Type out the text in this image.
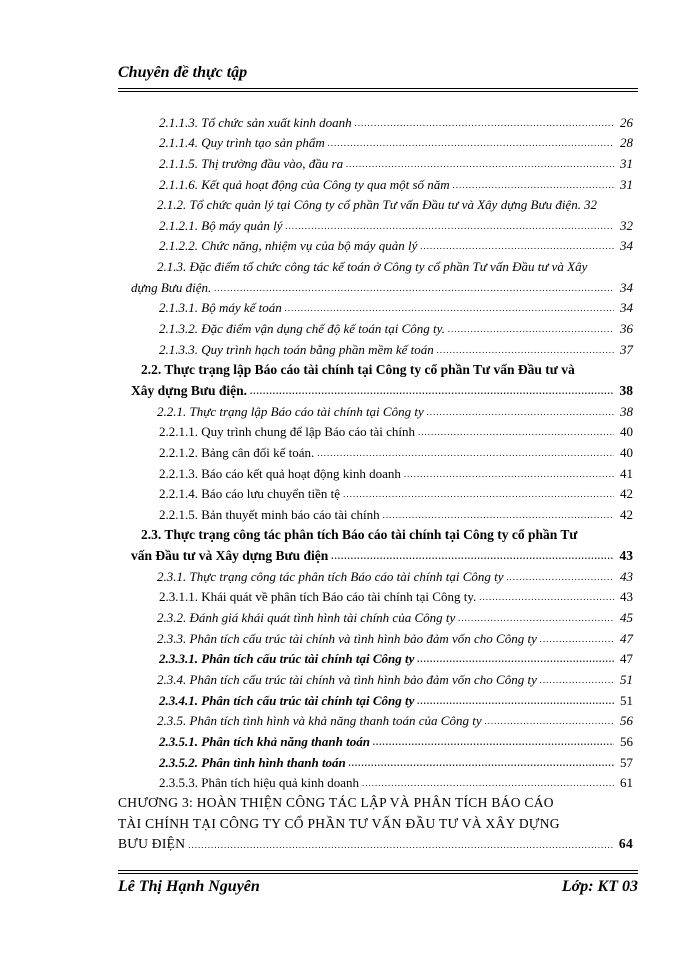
Chuyên đề thực tập
2.1.1.3. Tổ chức sản xuất kinh doanh .....	26
2.1.1.4. Quy trình tạo sản phẩm .....	28
2.1.1.5. Thị trường đầu vào, đầu ra .....	31
2.1.1.6. Kết quả hoạt động của Công ty qua một số năm .....	31
2.1.2. Tổ chức quản lý tại Công ty cổ phần Tư vấn Đầu tư và Xây dựng Bưu điện. 32
2.1.2.1. Bộ máy quản lý .....	32
2.1.2.2. Chức năng, nhiệm vụ của bộ máy quản lý .....	34
2.1.3. Đặc điểm tổ chức công tác kế toán ở Công ty cổ phần Tư vấn Đầu tư và Xây
dựng Bưu điện. .....	34
2.1.3.1. Bộ máy kế toán .....	34
2.1.3.2. Đặc điểm vận dụng chế độ kế toán tại Công ty. .....	36
2.1.3.3. Quy trình hạch toán bằng phần mềm kế toán .....	37
2.2. Thực trạng lập Báo cáo tài chính tại Công ty cổ phần Tư vấn Đầu tư và
Xây dựng Bưu điện. .....	38
2.2.1. Thực trạng lập Báo cáo tài chính tại Công ty .....	38
2.2.1.1. Quy trình chung để lập Báo cáo tài chính .....	40
2.2.1.2. Bảng cân đối kế toán. .....	40
2.2.1.3. Báo cáo kết quả hoạt động kinh doanh .....	41
2.2.1.4. Báo cáo lưu chuyển tiền tệ .....	42
2.2.1.5. Bản thuyết minh báo cáo tài chính .....	42
2.3. Thực trạng công tác phân tích Báo cáo tài chính tại Công ty cổ phần Tư
vấn Đầu tư và Xây dựng Bưu điện .....	43
2.3.1. Thực trạng công tác phân tích Báo cáo tài chính tại Công ty .....	43
2.3.1.1. Khái quát về phân tích Báo cáo tài chính tại Công ty. .....	43
2.3.2. Đánh giá khái quát tình hình tài chính của Công ty .....	45
2.3.3. Phân tích cấu trúc tài chính và tình hình bảo đảm vốn cho Công ty .....	47
2.3.3.1. Phân tích cấu trúc tài chính tại Công ty .....	47
2.3.4. Phân tích cấu trúc tài chính và tình hình bảo đảm vốn cho Công ty .....	51
2.3.4.1. Phân tích cấu trúc tài chính tại Công ty .....	51
2.3.5. Phân tích tình hình và khả năng thanh toán của Công ty .....	56
2.3.5.1. Phân tích khả năng thanh toán .....	56
2.3.5.2. Phân tình hình thanh toán .....	57
2.3.5.3. Phân tích hiệu quả kinh doanh .....	61
CHƯƠNG 3: HOÀN THIỆN CÔNG TÁC LẬP VÀ PHÂN TÍCH BÁO CÁO
TÀI CHÍNH TẠI CÔNG TY CỔ PHẦN TƯ VẤN ĐẦU TƯ VÀ XÂY DỰNG
BƯU ĐIỆN .....	64
Lê Thị Hạnh Nguyên	Lớp: KT 03
